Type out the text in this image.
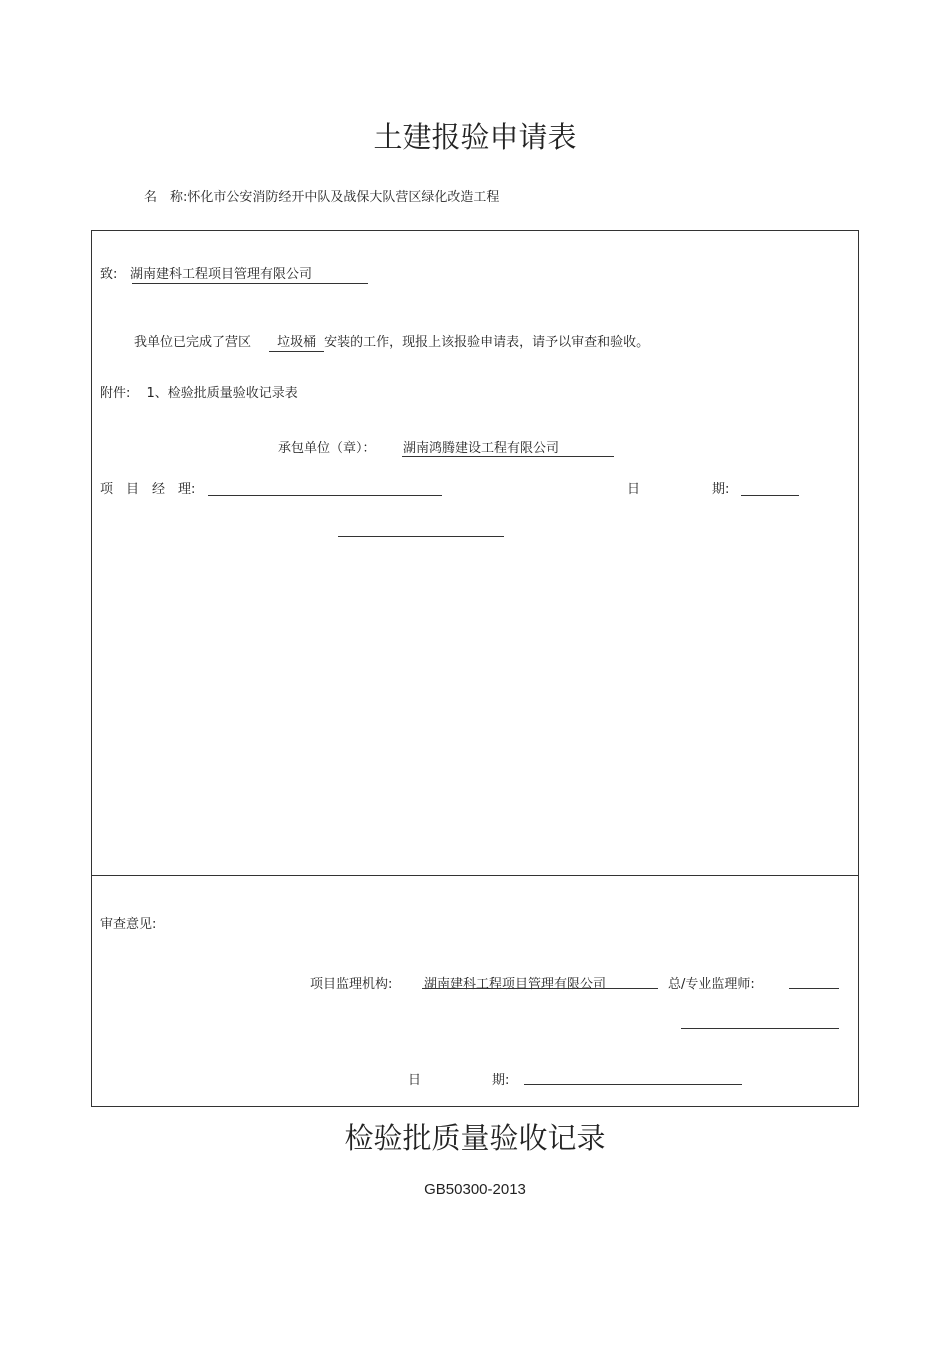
土建报验申请表
名　称:怀化市公安消防经开中队及战保大队营区绿化改造工程
致: 湖南建科工程项目管理有限公司
我单位已完成了营区 垃圾桶 安装的工作，现报上该报验申请表，请予以审查和验收。
附件: 1、检验批质量验收记录表
承包单位（章）： 湖南鸿腾建设工程有限公司
项　目　经　理:	日	期:
审查意见:
项目监理机构: 湖南建科工程项目管理有限公司	总/专业监理师:
日	期:
检验批质量验收记录
GB50300-2013
